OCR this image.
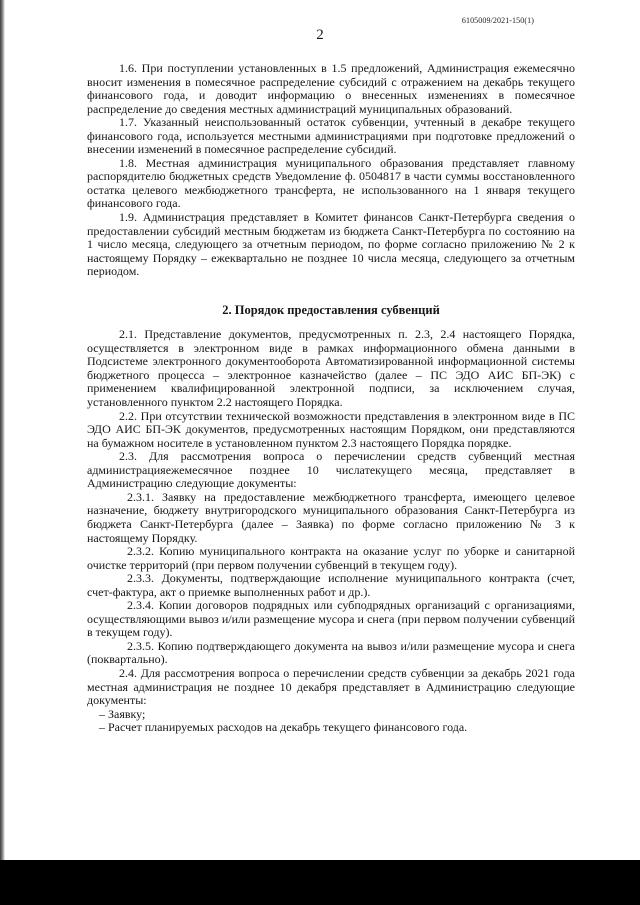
6105009/2021-150(1)
2

1.6. При поступлении установленных в 1.5 предложений, Администрация ежемесячно вносит изменения в помесячное распределение субсидий с отражением на декабрь текущего финансового года, и доводит информацию о внесенных изменениях в помесячное распределение до сведения местных администраций муниципальных образований.

1.7. Указанный неиспользованный остаток субвенции, учтенный в декабре текущего финансового года, используется местными администрациями при подготовке предложений о внесении изменений в помесячное распределение субсидий.

1.8. Местная администрация муниципального образования представляет главному распорядителю бюджетных средств Уведомление ф. 0504817 в части суммы восстановленного остатка целевого межбюджетного трансферта, не использованного на 1 января текущего финансового года.

1.9. Администрация представляет в Комитет финансов Санкт-Петербурга сведения о предоставлении субсидий местным бюджетам из бюджета Санкт-Петербурга по состоянию на 1 число месяца, следующего за отчетным периодом, по форме согласно приложению № 2 к настоящему Порядку – ежеквартально не позднее 10 числа месяца, следующего за отчетным периодом.

2. Порядок предоставления субвенций

2.1. Представление документов, предусмотренных п. 2.3, 2.4 настоящего Порядка, осуществляется в электронном виде в рамках информационного обмена данными в Подсистеме электронного документооборота Автоматизированной информационной системы бюджетного процесса – электронное казначейство (далее – ПС ЭДО АИС БП-ЭК) с применением квалифицированной электронной подписи, за исключением случая, установленного пунктом 2.2 настоящего Порядка.

2.2. При отсутствии технической возможности представления в электронном виде в ПС ЭДО АИС БП-ЭК документов, предусмотренных настоящим Порядком, они представляются на бумажном носителе в установленном пунктом 2.3 настоящего Порядка порядке.

2.3. Для рассмотрения вопроса о перечислении средств субвенций местная администрацияежемесячное позднее 10 числатекущего месяца, представляет в Администрацию следующие документы:

2.3.1. Заявку на предоставление межбюджетного трансферта, имеющего целевое назначение, бюджету внутригородского муниципального образования Санкт-Петербурга из бюджета Санкт-Петербурга (далее – Заявка) по форме согласно приложению № 3 к настоящему Порядку.

2.3.2. Копию муниципального контракта на оказание услуг по уборке и санитарной очистке территорий (при первом получении субвенций в текущем году).

2.3.3. Документы, подтверждающие исполнение муниципального контракта (счет, счет-фактура, акт о приемке выполненных работ и др.).

2.3.4. Копии договоров подрядных или субподрядных организаций с организациями, осуществляющими вывоз и/или размещение мусора и снега (при первом получении субвенций в текущем году).

2.3.5. Копию подтверждающего документа на вывоз и/или размещение мусора и снега (поквартально).

2.4. Для рассмотрения вопроса о перечислении средств субвенции за декабрь 2021 года местная администрация не позднее 10 декабря представляет в Администрацию следующие документы:

– Заявку;

– Расчет планируемых расходов на декабрь текущего финансового года.
